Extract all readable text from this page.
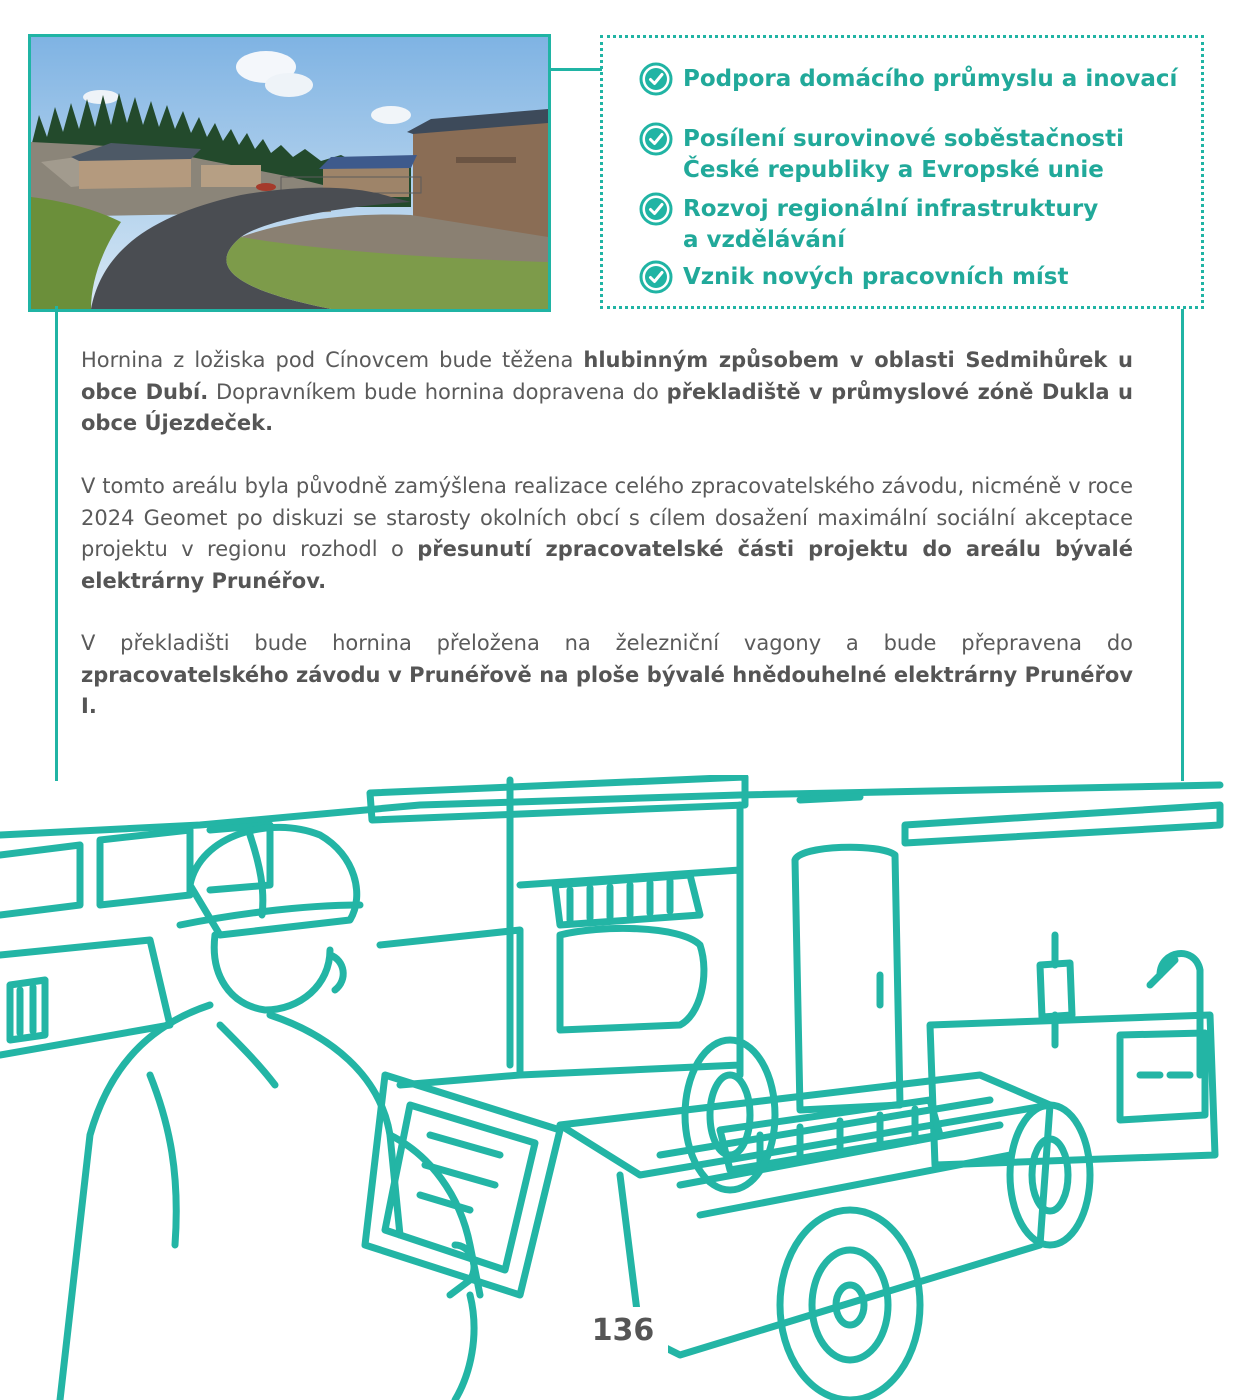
Podpora domácího průmyslu a inovací
Posílení surovinové soběstačnosti
České republiky a Evropské unie
Rozvoj regionální infrastruktury
a vzdělávání
Vznik nových pracovních míst

Hornina z ložiska pod Cínovcem bude těžena hlubinným způsobem v oblasti Sedmihůrek u obce Dubí. Dopravníkem bude hornina dopravena do překladiště v průmyslové zóně Dukla u obce Újezdeček.

V tomto areálu byla původně zamýšlena realizace celého zpracovatelského závodu, nicméně v roce 2024 Geomet po diskuzi se starosty okolních obcí s cílem dosažení maximální sociální akceptace projektu v regionu rozhodl o přesunutí zpracovatelské části projektu do areálu bývalé elektrárny Prunéřov.

V překladišti bude hornina přeložena na železniční vagony a bude přepravena do zpracovatelského závodu v Prunéřově na ploše bývalé hnědouhelné elektrárny Prunéřov I.

136
